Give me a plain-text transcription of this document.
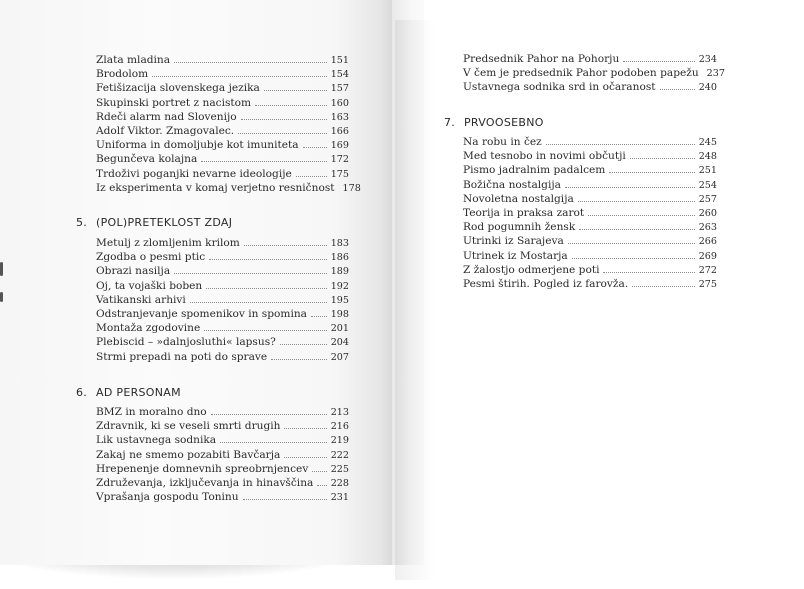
Zlata mladina	151
Brodolom	154
Fetišizacija slovenskega jezika	157
Skupinski portret z nacistom	160
Rdeči alarm nad Slovenijo	163
Adolf Viktor. Zmagovalec.	166
Uniforma in domoljubje kot imuniteta	169
Begunčeva kolajna	172
Trdoživi poganjki nevarne ideologije	175
Iz eksperimenta v komaj verjetno resničnost 178
5. (POL)PRETEKLOST ZDAJ
Metulj z zlomljenim krilom	183
Zgodba o pesmi ptic	186
Obrazi nasilja	189
Oj, ta vojaški boben	192
Vatikanski arhivi	195
Odstranjevanje spomenikov in spomina 198
Montaža zgodovine	201
Plebiscid – »dalnjosluthi« lapsus?	204
Strmi prepadi na poti do sprave	207
6. AD PERSONAM
BMZ in moralno dno	213
Zdravnik, ki se veseli smrti drugih	216
Lik ustavnega sodnika	219
Zakaj ne smemo pozabiti Bavčarja	222
Hrepenenje domnevnih spreobrnjencev 225
Združevanja, izključevanja in hinavščina 228
Vprašanja gospodu Toninu	231
Predsednik Pahor na Pohorju	234
V čem je predsednik Pahor podoben papežu 237
Ustavnega sodnika srd in očaranost	240
7. PRVOOSEBNO
Na robu in čez	245
Med tesnobo in novimi občutji	248
Pismo jadralnim padalcem	251
Božična nostalgija	254
Novoletna nostalgija	257
Teorija in praksa zarot	260
Rod pogumnih žensk	263
Utrinki iz Sarajeva	266
Utrinek iz Mostarja	269
Z žalostjo odmerjene poti	272
Pesmi štirih. Pogled iz farovža.	275
